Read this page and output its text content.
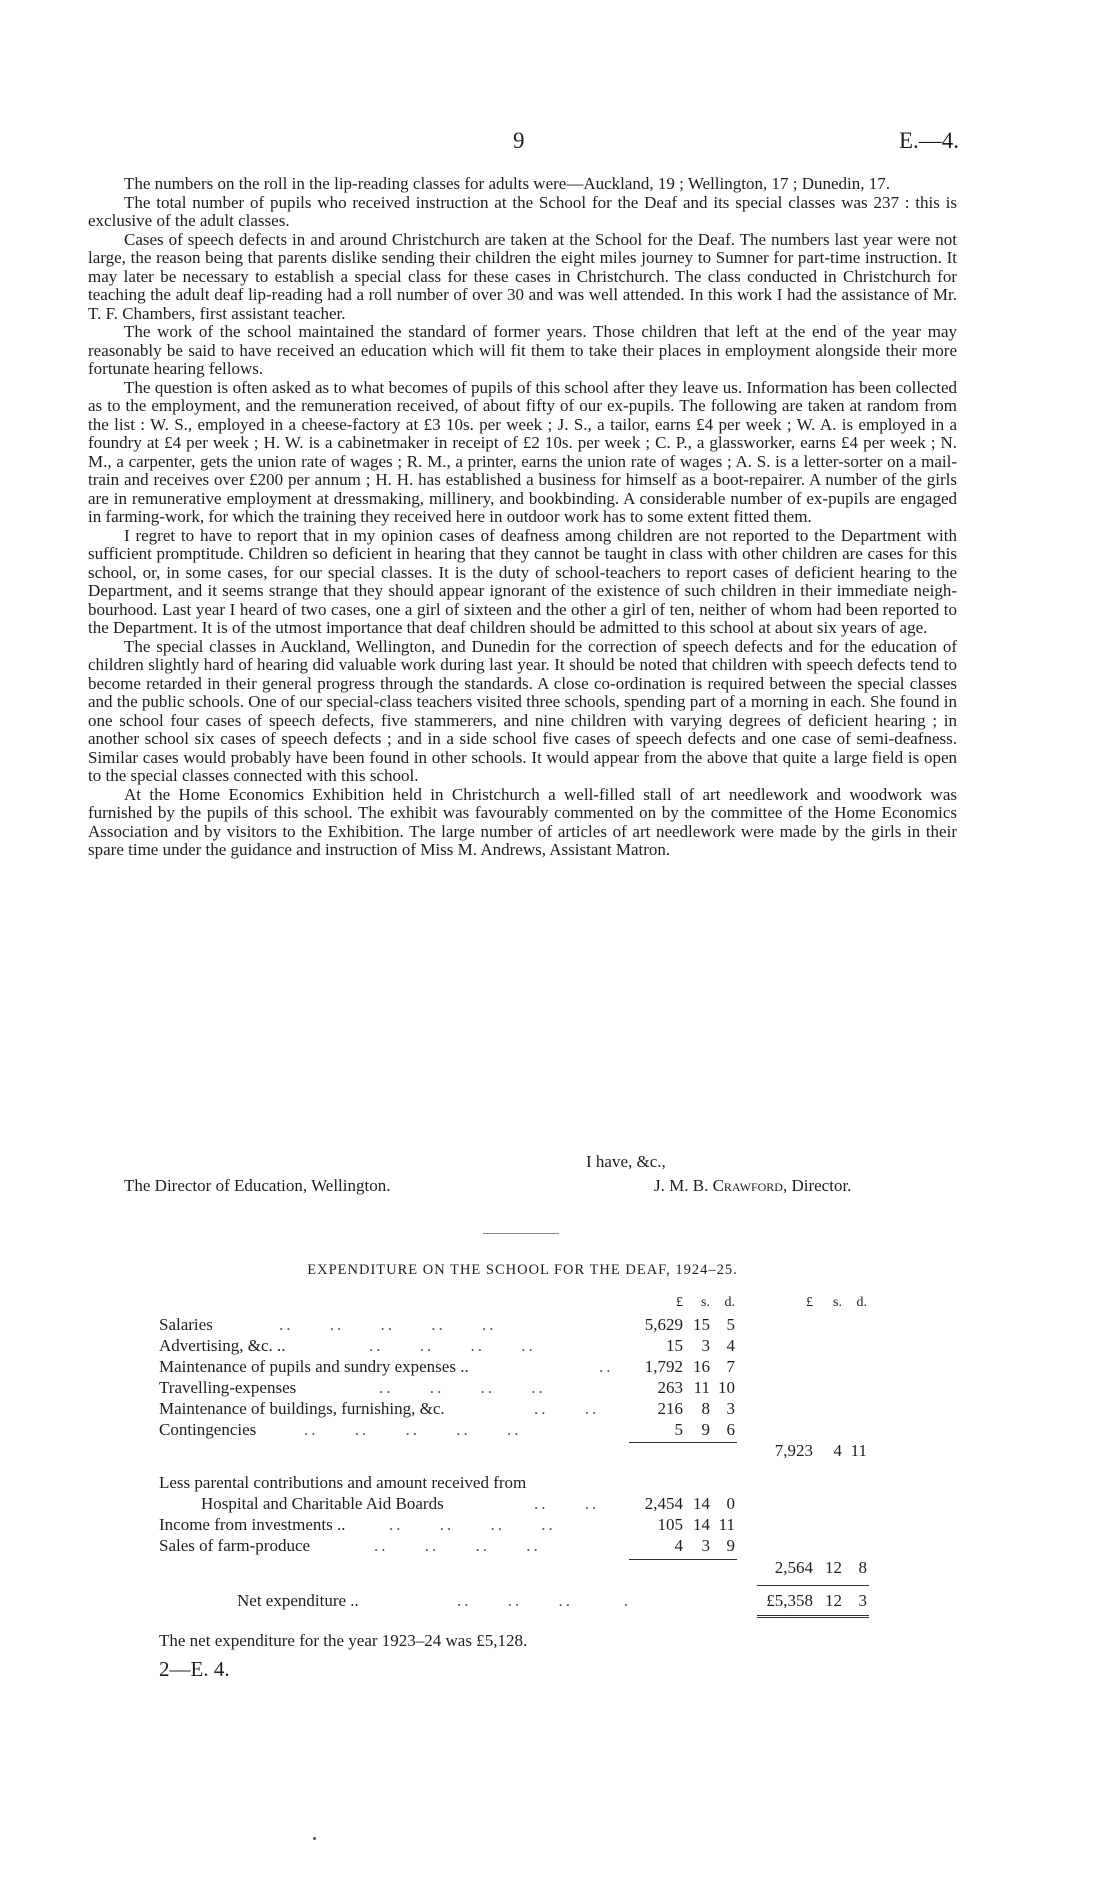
9	E.—4.

The numbers on the roll in the lip-reading classes for adults were—Auckland, 19 ; Wellington, 17 ; Dunedin, 17.

The total number of pupils who received instruction at the School for the Deaf and its special classes was 237 : this is exclusive of the adult classes.

Cases of speech defects in and around Christchurch are taken at the School for the Deaf. The numbers last year were not large, the reason being that parents dislike sending their children the eight miles journey to Sumner for part-time instruction. It may later be necessary to establish a special class for these cases in Christchurch. The class conducted in Christchurch for teaching the adult deaf lip-reading had a roll number of over 30 and was well attended. In this work I had the assistance of Mr. T. F. Chambers, first assistant teacher.

The work of the school maintained the standard of former years. Those children that left at the end of the year may reasonably be said to have received an education which will fit them to take their places in employment alongside their more fortunate hearing fellows.

The question is often asked as to what becomes of pupils of this school after they leave us. Information has been collected as to the employment, and the remuneration received, of about fifty of our ex-pupils. The following are taken at random from the list : W. S., employed in a cheese-factory at £3 10s. per week ; J. S., a tailor, earns £4 per week ; W. A. is employed in a foundry at £4 per week ; H. W. is a cabinetmaker in receipt of £2 10s. per week ; C. P., a glassworker, earns £4 per week ; N. M., a carpenter, gets the union rate of wages ; R. M., a printer, earns the union rate of wages ; A. S. is a letter-sorter on a mail-train and receives over £200 per annum ; H. H. has established a business for himself as a boot-repairer. A number of the girls are in remunerative employment at dressmaking, millinery, and bookbinding. A considerable number of ex-pupils are engaged in farming-work, for which the training they received here in outdoor work has to some extent fitted them.

I regret to have to report that in my opinion cases of deafness among children are not reported to the Department with sufficient promptitude. Children so deficient in hearing that they cannot be taught in class with other children are cases for this school, or, in some cases, for our special classes. It is the duty of school-teachers to report cases of deficient hearing to the Department, and it seems strange that they should appear ignorant of the existence of such children in their immediate neigh-bourhood. Last year I heard of two cases, one a girl of sixteen and the other a girl of ten, neither of whom had been reported to the Department. It is of the utmost importance that deaf children should be admitted to this school at about six years of age.

The special classes in Auckland, Wellington, and Dunedin for the correction of speech defects and for the education of children slightly hard of hearing did valuable work during last year. It should be noted that children with speech defects tend to become retarded in their general progress through the standards. A close co-ordination is required between the special classes and the public schools. One of our special-class teachers visited three schools, spending part of a morning in each. She found in one school four cases of speech defects, five stammerers, and nine children with varying degrees of deficient hearing ; in another school six cases of speech defects ; and in a side school five cases of speech defects and one case of semi-deafness. Similar cases would probably have been found in other schools. It would appear from the above that quite a large field is open to the special classes connected with this school.

At the Home Economics Exhibition held in Christchurch a well-filled stall of art needlework and woodwork was furnished by the pupils of this school. The exhibit was favourably commented on by the committee of the Home Economics Association and by visitors to the Exhibition. The large number of articles of art needlework were made by the girls in their spare time under the guidance and instruction of Miss M. Andrews, Assistant Matron.

I have, &c.,
The Director of Education, Wellington.	J. M. B. Crawford, Director.
EXPENDITURE ON THE SCHOOL FOR THE DEAF, 1924–25.
£	s.	d.	£	s.	d.
Salaries	..     ..     ..     ..     ..	5,629 15 5
Advertising, &c. ..	..     ..     ..     ..	15	3 4
Maintenance of pupils and sundry expenses ..	..	1,792 16 7
Travelling-expenses	..     ..     ..     ..	263 11 10
Maintenance of buildings, furnishing, &c.	..     ..	216	8 3
Contingencies	..     ..     ..     ..     ..	5	9 6
7,923	4 11
Less parental contributions and amount received from
Hospital and Charitable Aid Boards	..     ..	2,454 14 0
Income from investments ..	..     ..     ..     ..	105 14 11
Sales of farm-produce	..     ..     ..     ..	4	3 9
2,564 12 8
Net expenditure ..	..     ..     ..       .	£5,358 12 3
The net expenditure for the year 1923–24 was £5,128.
2—E. 4.
